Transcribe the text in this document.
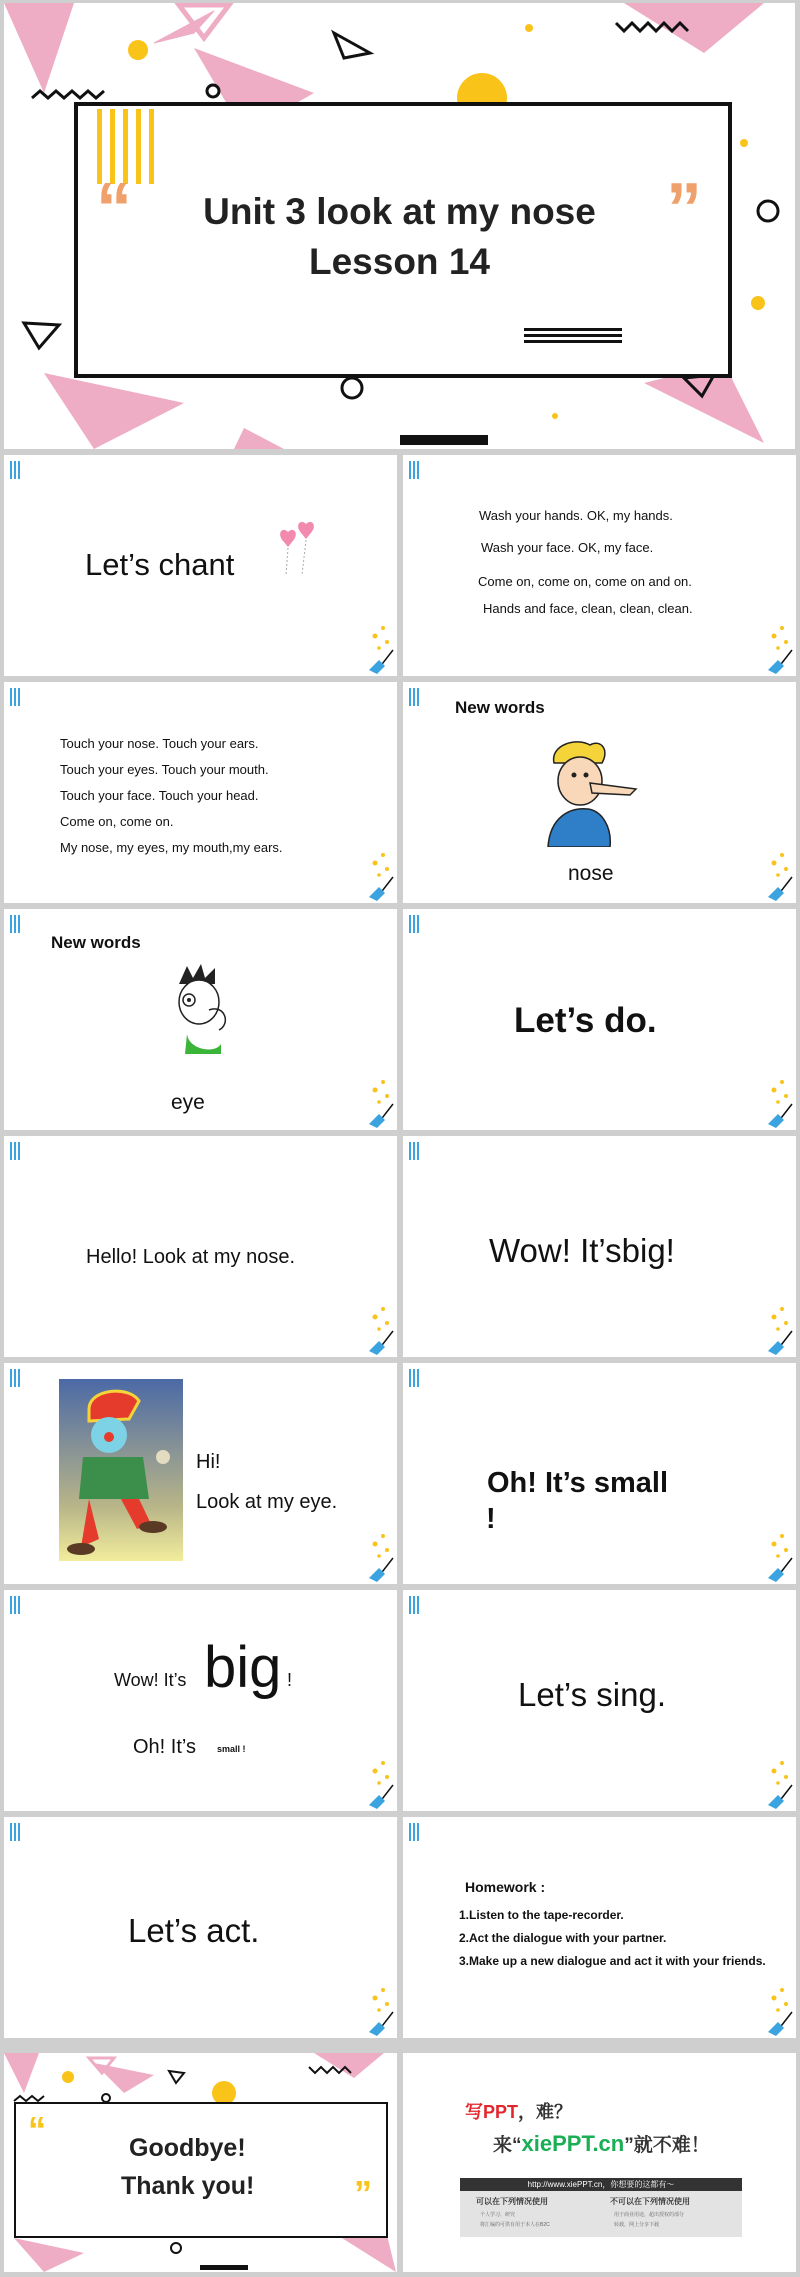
“	”
Unit 3 look at my nose
Lesson 14
Let’s chant
Wash your hands. OK, my hands.
Wash your face. OK, my face.
Come on, come on, come on and on.
Hands and face, clean, clean, clean.
Touch your nose. Touch your ears.
Touch your eyes. Touch your mouth.
Touch your face. Touch your head.
Come on, come on.
My nose, my eyes, my mouth,my ears.
New words
nose
New words
eye
Let’s do.
Hello! Look at my nose.	Wow! It’sbig!
Hi!
Look at my eye.
Oh! It’s small
!
Wow! It’s big !
Oh! It’s small !
Let’s sing.
Let’s act.
Homework :
1.Listen to the tape-recorder.
2.Act the dialogue with your partner.
3.Make up a new dialogue and act it with your friends.
“
”
Goodbye!
Thank you!
写PPT，难？
来“xiePPT.cn”就不难！
http://www.xiePPT.cn，你想要的这都有～
可以在下列情况使用
个人学习、研究
将汇编的可供有用于本人在B2C
不可以在下列情况使用
用于商业用途，超出授权的部分
转载，网上分享下载
